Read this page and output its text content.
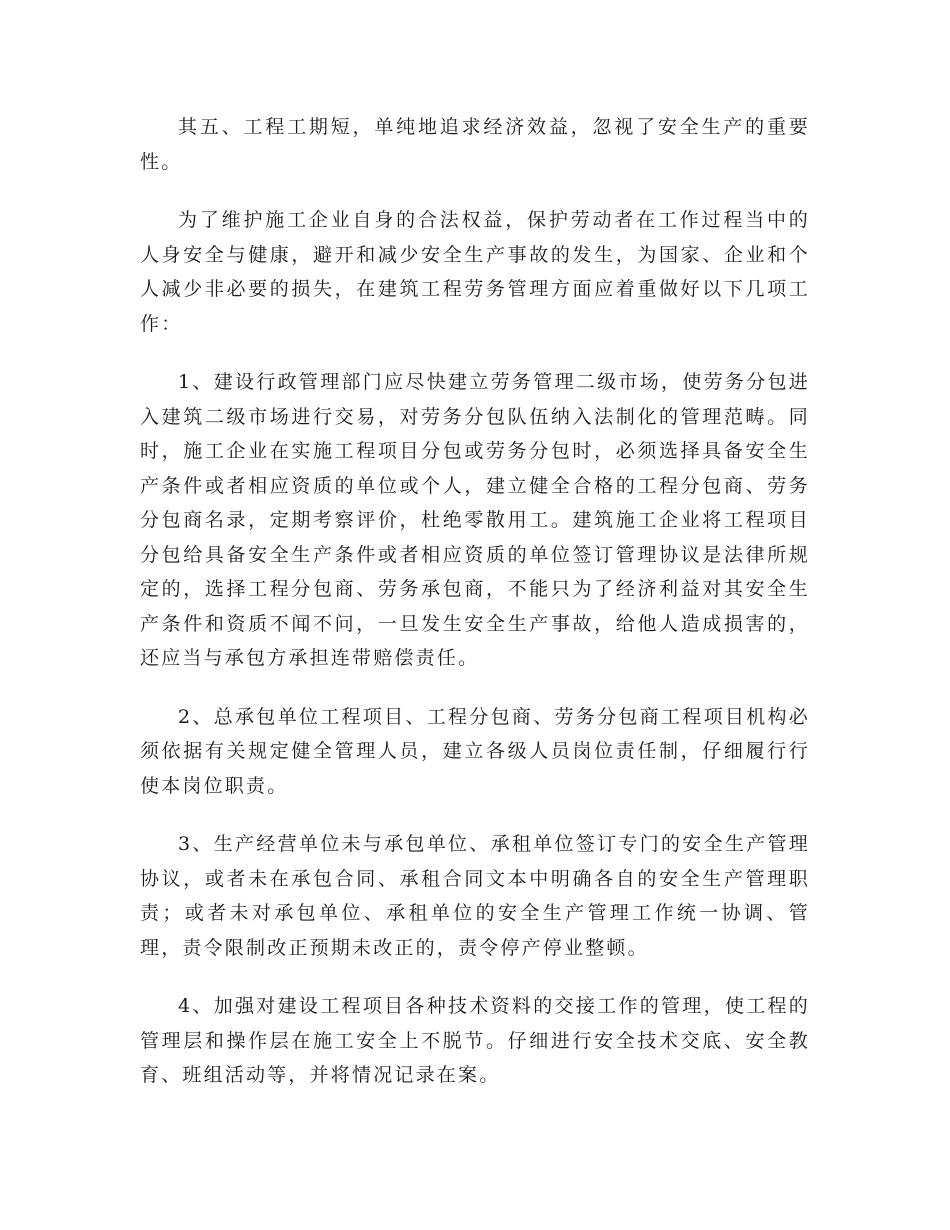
其五、工程工期短，单纯地追求经济效益，忽视了安全生产的重要性。

为了维护施工企业自身的合法权益，保护劳动者在工作过程当中的人身安全与健康，避开和减少安全生产事故的发生，为国家、企业和个人减少非必要的损失，在建筑工程劳务管理方面应着重做好以下几项工作：

1、建设行政管理部门应尽快建立劳务管理二级市场，使劳务分包进入建筑二级市场进行交易，对劳务分包队伍纳入法制化的管理范畴。同时，施工企业在实施工程项目分包或劳务分包时，必须选择具备安全生产条件或者相应资质的单位或个人，建立健全合格的工程分包商、劳务分包商名录，定期考察评价，杜绝零散用工。建筑施工企业将工程项目分包给具备安全生产条件或者相应资质的单位签订管理协议是法律所规定的，选择工程分包商、劳务承包商，不能只为了经济利益对其安全生产条件和资质不闻不问，一旦发生安全生产事故，给他人造成损害的，还应当与承包方承担连带赔偿责任。

2、总承包单位工程项目、工程分包商、劳务分包商工程项目机构必须依据有关规定健全管理人员，建立各级人员岗位责任制，仔细履行行使本岗位职责。

3、生产经营单位未与承包单位、承租单位签订专门的安全生产管理协议，或者未在承包合同、承租合同文本中明确各自的安全生产管理职责；或者未对承包单位、承租单位的安全生产管理工作统一协调、管理，责令限制改正预期未改正的，责令停产停业整顿。

4、加强对建设工程项目各种技术资料的交接工作的管理，使工程的管理层和操作层在施工安全上不脱节。仔细进行安全技术交底、安全教育、班组活动等，并将情况记录在案。
